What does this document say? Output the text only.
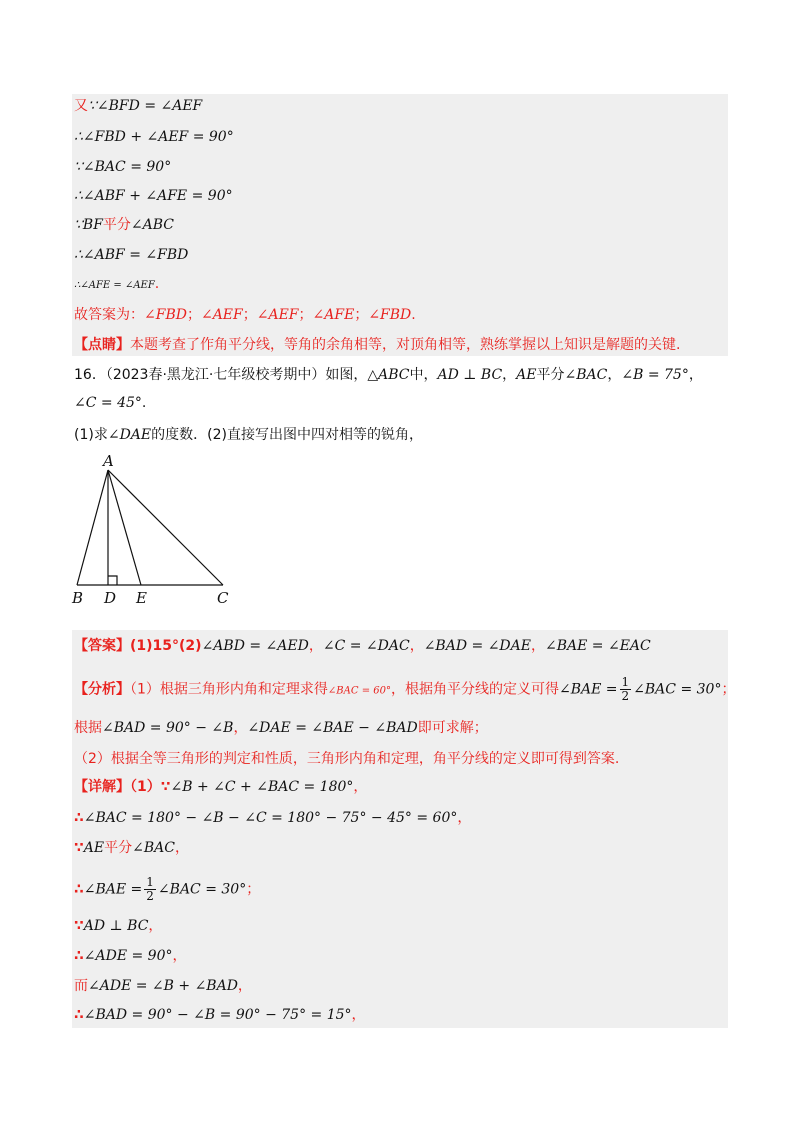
又∵∠BFD = ∠AEF
∴∠FBD + ∠AEF = 90°
∵∠BAC = 90°
∴∠ABF + ∠AFE = 90°
∵BF平分∠ABC
∴∠ABF = ∠FBD
∴∠AFE = ∠AEF.
故答案为：∠FBD；∠AEF；∠AEF；∠AFE；∠FBD.
【点睛】本题考查了作角平分线，等角的余角相等，对顶角相等，熟练掌握以上知识是解题的关键.
16．（2023春·黑龙江·七年级校考期中）如图，△ABC中，AD ⊥ BC，AE平分∠BAC，∠B = 75°，
∠C = 45°.
(1)求∠DAE的度数．(2)直接写出图中四对相等的锐角，
A
B D E	C
【答案】(1)15°(2)∠ABD = ∠AED，∠C = ∠DAC，∠BAD = ∠DAE，∠BAE = ∠EAC
【分析】（1）根据三角形内角和定理求得∠BAC = 60°，根据角平分线的定义可得∠BAE = $\frac{1}{2}$ ∠BAC = 30°；
根据∠BAD = 90° − ∠B，∠DAE = ∠BAE − ∠BAD即可求解；
（2）根据全等三角形的判定和性质，三角形内角和定理，角平分线的定义即可得到答案.
【详解】（1）∵∠B + ∠C + ∠BAC = 180°，
∴∠BAC = 180° − ∠B − ∠C = 180° − 75° − 45° = 60°，
∵AE平分∠BAC，
∴∠BAE = $\frac{1}{2}$ ∠BAC = 30°；
∵AD ⊥ BC，
∴∠ADE = 90°，
而∠ADE = ∠B + ∠BAD，
∴∠BAD = 90° − ∠B = 90° − 75° = 15°，
